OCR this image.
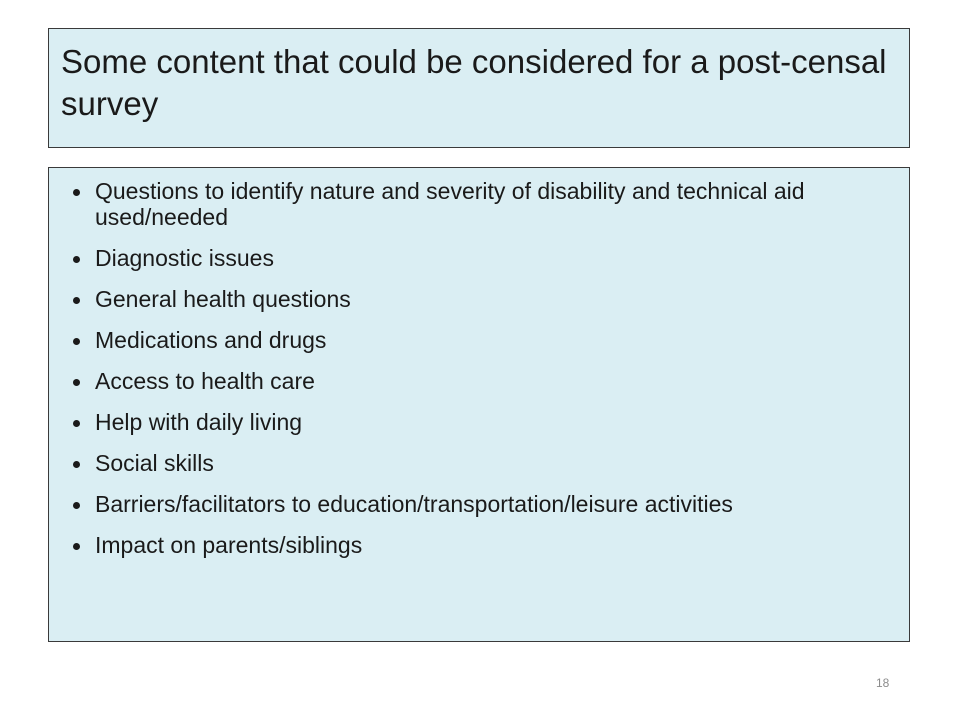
Some content that could be considered for a post-censal survey
Questions to identify nature and severity of disability and technical aid used/needed
Diagnostic issues
General health questions
Medications and drugs
Access to health care
Help with daily living
Social skills
Barriers/facilitators to education/transportation/leisure activities
Impact on parents/siblings
18
